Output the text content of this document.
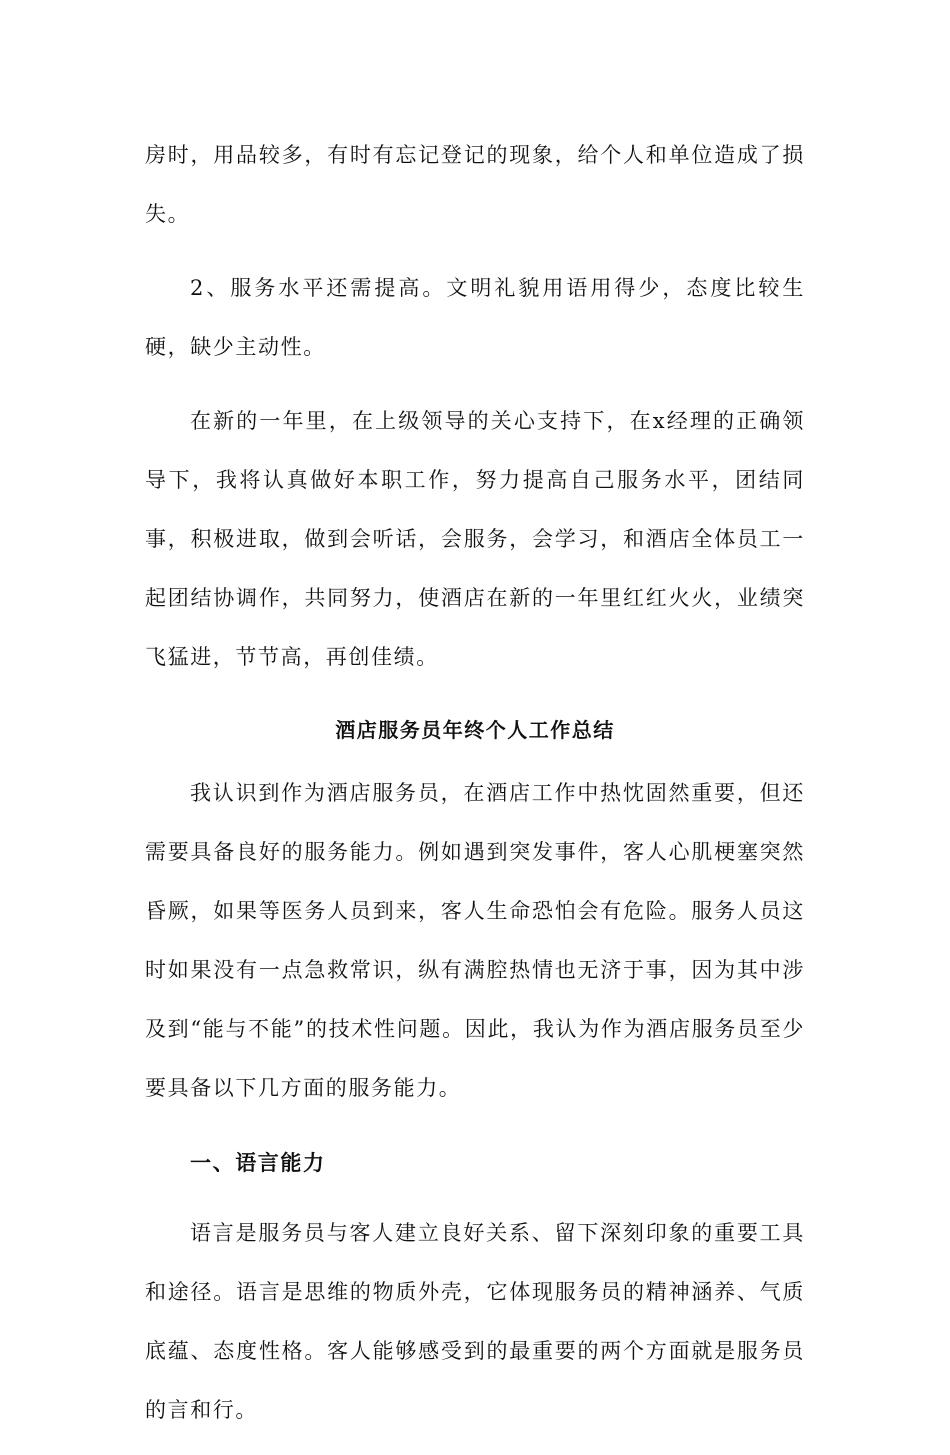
房时，用品较多，有时有忘记登记的现象，给个人和单位造成了损失。

2、服务水平还需提高。文明礼貌用语用得少，态度比较生硬，缺少主动性。

在新的一年里，在上级领导的关心支持下，在x经理的正确领导下，我将认真做好本职工作，努力提高自己服务水平，团结同事，积极进取，做到会听话，会服务，会学习，和酒店全体员工一起团结协调作，共同努力，使酒店在新的一年里红红火火，业绩突飞猛进，节节高，再创佳绩。

酒店服务员年终个人工作总结

我认识到作为酒店服务员，在酒店工作中热忱固然重要，但还需要具备良好的服务能力。例如遇到突发事件，客人心肌梗塞突然昏厥，如果等医务人员到来，客人生命恐怕会有危险。服务人员这时如果没有一点急救常识，纵有满腔热情也无济于事，因为其中涉及到“能与不能”的技术性问题。因此，我认为作为酒店服务员至少要具备以下几方面的服务能力。

一、语言能力

语言是服务员与客人建立良好关系、留下深刻印象的重要工具和途径。语言是思维的物质外壳，它体现服务员的精神涵养、气质底蕴、态度性格。客人能够感受到的最重要的两个方面就是服务员的言和行。
